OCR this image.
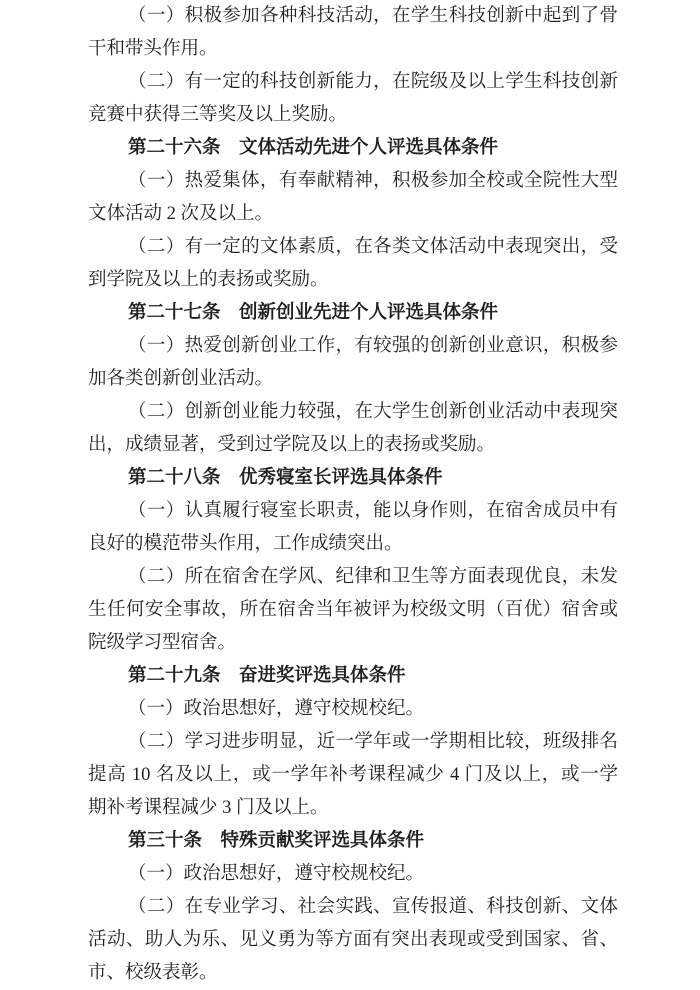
（一）积极参加各种科技活动，在学生科技创新中起到了骨
干和带头作用。
（二）有一定的科技创新能力，在院级及以上学生科技创新
竞赛中获得三等奖及以上奖励。
第二十六条　文体活动先进个人评选具体条件
（一）热爱集体，有奉献精神，积极参加全校或全院性大型
文体活动 2 次及以上。
（二）有一定的文体素质，在各类文体活动中表现突出，受
到学院及以上的表扬或奖励。
第二十七条　创新创业先进个人评选具体条件
（一）热爱创新创业工作，有较强的创新创业意识，积极参
加各类创新创业活动。
（二）创新创业能力较强，在大学生创新创业活动中表现突
出，成绩显著，受到过学院及以上的表扬或奖励。
第二十八条　优秀寝室长评选具体条件
（一）认真履行寝室长职责，能以身作则，在宿舍成员中有
良好的模范带头作用，工作成绩突出。
（二）所在宿舍在学风、纪律和卫生等方面表现优良，未发
生任何安全事故，所在宿舍当年被评为校级文明（百优）宿舍或
院级学习型宿舍。
第二十九条　奋进奖评选具体条件
（一）政治思想好，遵守校规校纪。
（二）学习进步明显，近一学年或一学期相比较，班级排名
提高 10 名及以上，或一学年补考课程减少 4 门及以上，或一学
期补考课程减少 3 门及以上。
第三十条　特殊贡献奖评选具体条件
（一）政治思想好，遵守校规校纪。
（二）在专业学习、社会实践、宣传报道、科技创新、文体
活动、助人为乐、见义勇为等方面有突出表现或受到国家、省、
市、校级表彰。
